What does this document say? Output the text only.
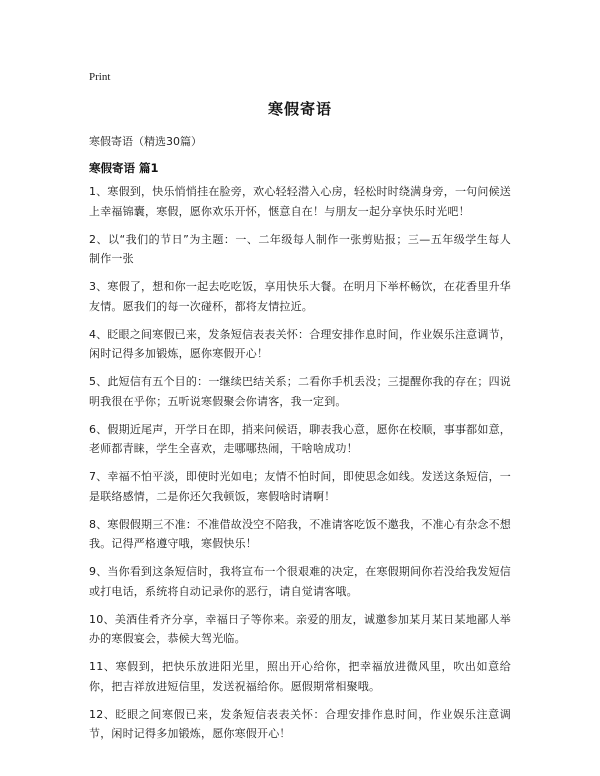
Print
寒假寄语
寒假寄语（精选30篇）
寒假寄语 篇1

1、寒假到，快乐悄悄挂在脸旁，欢心轻轻潜入心房，轻松时时绕满身旁，一句问候送上幸福锦囊，寒假，愿你欢乐开怀，惬意自在！与朋友一起分享快乐时光吧！

2、以“我们的节日”为主题：一、二年级每人制作一张剪贴报；三—五年级学生每人制作一张

3、寒假了，想和你一起去吃吃饭，享用快乐大餐。在明月下举杯畅饮，在花香里升华友情。愿我们的每一次碰杯，都将友情拉近。

4、眨眼之间寒假已来，发条短信表表关怀：合理安排作息时间，作业娱乐注意调节，闲时记得多加锻炼，愿你寒假开心！

5、此短信有五个目的：一继续巴结关系；二看你手机丢没；三提醒你我的存在；四说明我很在乎你；五听说寒假聚会你请客，我一定到。

6、假期近尾声，开学日在即，捎来问候语，聊表我心意，愿你在校顺，事事都如意，老师都青睐，学生全喜欢，走哪哪热闹，干啥啥成功！

7、幸福不怕平淡，即使时光如电；友情不怕时间，即使思念如线。发送这条短信，一是联络感情，二是你还欠我顿饭，寒假啥时请啊！

8、寒假假期三不准：不准借故没空不陪我，不准请客吃饭不邀我，不准心有杂念不想我。记得严格遵守哦，寒假快乐！

9、当你看到这条短信时，我将宣布一个很艰难的决定，在寒假期间你若没给我发短信或打电话，系统将自动记录你的恶行，请自觉请客哦。

10、美酒佳肴齐分享，幸福日子等你来。亲爱的朋友，诚邀参加某月某日某地鄙人举办的寒假宴会，恭候大驾光临。

11、寒假到，把快乐放进阳光里，照出开心给你，把幸福放进微风里，吹出如意给你，把吉祥放进短信里，发送祝福给你。愿假期常相聚哦。

12、眨眼之间寒假已来，发条短信表表关怀：合理安排作息时间，作业娱乐注意调节，闲时记得多加锻炼，愿你寒假开心！
